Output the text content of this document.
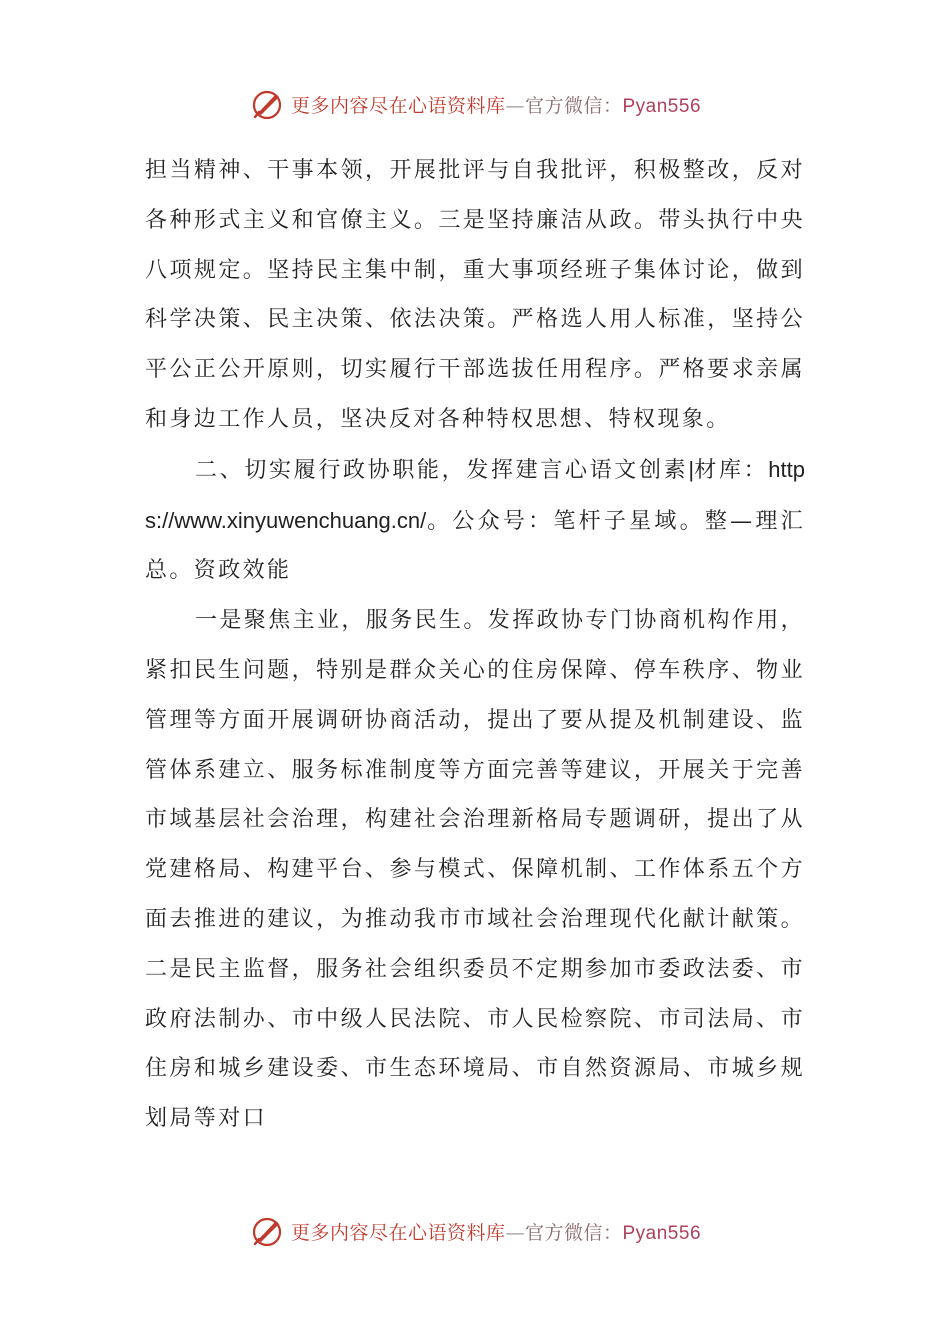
更多内容尽在心语资料库—官方微信：Pyan556

担当精神、干事本领，开展批评与自我批评，积极整改，反对各种形式主义和官僚主义。三是坚持廉洁从政。带头执行中央八项规定。坚持民主集中制，重大事项经班子集体讨论，做到科学决策、民主决策、依法决策。严格选人用人标准，坚持公平公正公开原则，切实履行干部选拔任用程序。严格要求亲属和身边工作人员，坚决反对各种特权思想、特权现象。

二、切实履行政协职能，发挥建言心语文创素|材库：https://www.xinyuwenchuang.cn/。公众号：笔杆子星域。整—理汇总。资政效能

一是聚焦主业，服务民生。发挥政协专门协商机构作用，紧扣民生问题，特别是群众关心的住房保障、停车秩序、物业管理等方面开展调研协商活动，提出了要从提及机制建设、监管体系建立、服务标准制度等方面完善等建议，开展关于完善市域基层社会治理，构建社会治理新格局专题调研，提出了从党建格局、构建平台、参与模式、保障机制、工作体系五个方面去推进的建议，为推动我市市域社会治理现代化献计献策。二是民主监督，服务社会组织委员不定期参加市委政法委、市政府法制办、市中级人民法院、市人民检察院、市司法局、市住房和城乡建设委、市生态环境局、市自然资源局、市城乡规划局等对口

更多内容尽在心语资料库—官方微信：Pyan556
